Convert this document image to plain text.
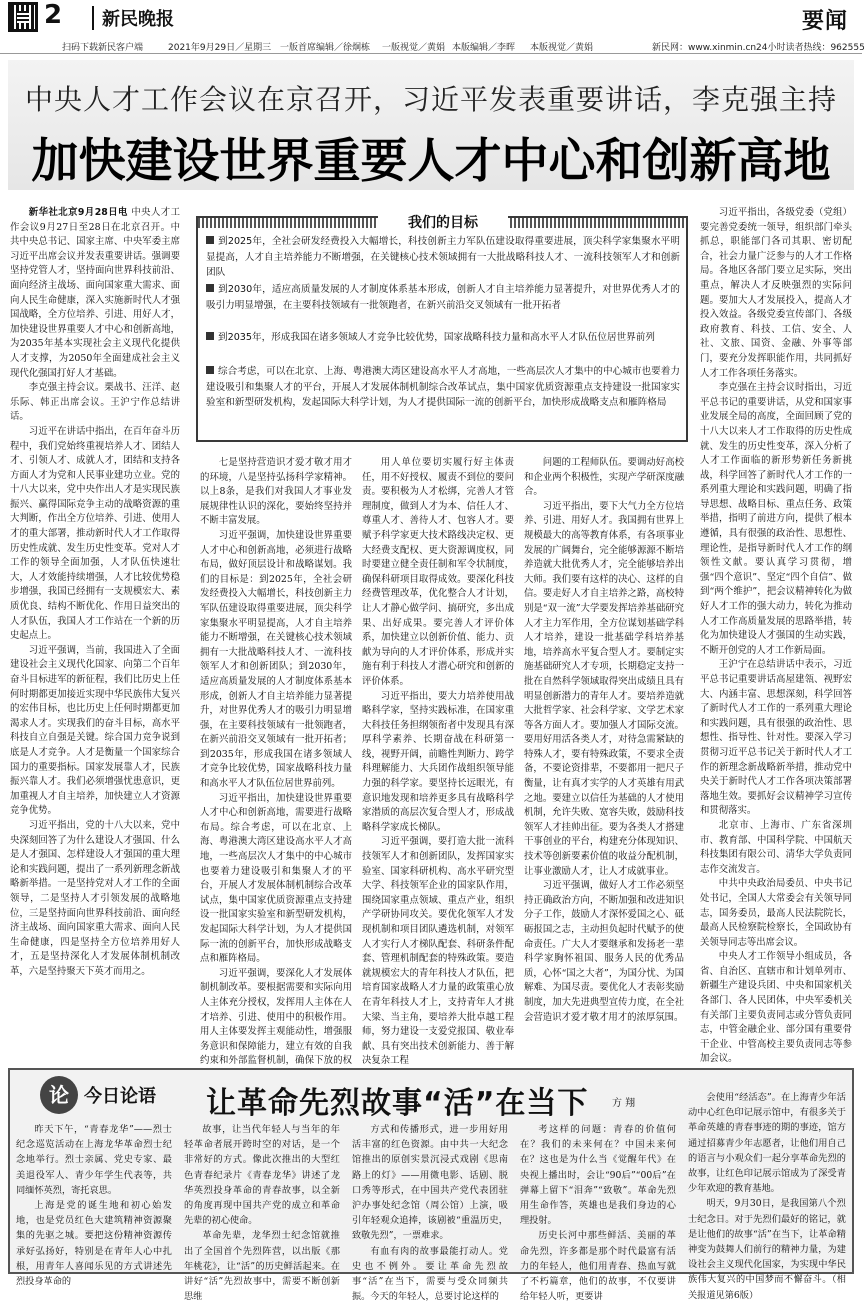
2 新民晚报	要闻
扫码下载新民客户端	2021年9月29日／星期三 一版首席编辑／徐炯栋 一版视觉／黄娟 本版编辑／李晖 本版视觉／黄娟	新民网：www.xinmin.cn 24小时读者热线：962555
中央人才工作会议在京召开，习近平发表重要讲话，李克强主持
加快建设世界重要人才中心和创新高地

新华社北京9月28日电 中央人才工作会议9月27日至28日在北京召开。中共中央总书记、国家主席、中央军委主席习近平出席会议并发表重要讲话。强调要坚持党管人才，坚持面向世界科技前沿、面向经济主战场、面向国家重大需求、面向人民生命健康，深入实施新时代人才强国战略，全方位培养、引进、用好人才，加快建设世界重要人才中心和创新高地，为2035年基本实现社会主义现代化提供人才支撑，为2050年全面建成社会主义现代化强国打好人才基础。

李克强主持会议。栗战书、汪洋、赵乐际、韩正出席会议。王沪宁作总结讲话。

习近平在讲话中指出，在百年奋斗历程中，我们党始终重视培养人才、团结人才、引领人才、成就人才，团结和支持各方面人才为党和人民事业建功立业。党的十八大以来，党中央作出人才是实现民族振兴、赢得国际竞争主动的战略资源的重大判断，作出全方位培养、引进、使用人才的重大部署，推动新时代人才工作取得历史性成就、发生历史性变革。党对人才工作的领导全面加强，人才队伍快速壮大，人才效能持续增强，人才比较优势稳步增强，我国已经拥有一支规模宏大、素质优良、结构不断优化、作用日益突出的人才队伍，我国人才工作站在一个新的历史起点上。

习近平强调，当前，我国进入了全面建设社会主义现代化国家、向第二个百年奋斗目标进军的新征程，我们比历史上任何时期都更加接近实现中华民族伟大复兴的宏伟目标，也比历史上任何时期都更加渴求人才。实现我们的奋斗目标，高水平科技自立自强是关键。综合国力竞争说到底是人才竞争。人才是衡量一个国家综合国力的重要指标。国家发展靠人才，民族振兴靠人才。我们必须增强忧患意识，更加重视人才自主培养，加快建立人才资源竞争优势。

习近平指出，党的十八大以来，党中央深刻回答了为什么建设人才强国、什么是人才强国、怎样建设人才强国的重大理论和实践问题，提出了一系列新理念新战略新举措。一是坚持党对人才工作的全面领导，二是坚持人才引领发展的战略地位，三是坚持面向世界科技前沿、面向经济主战场、面向国家重大需求、面向人民生命健康，四是坚持全方位培养用好人才，五是坚持深化人才发展体制机制改革，六是坚持聚天下英才而用之。

我们的目标
到2025年，全社会研发经费投入大幅增长，科技创新主力军队伍建设取得重要进展，顶尖科学家集聚水平明显提高，人才自主培养能力不断增强，在关键核心技术领域拥有一大批战略科技人才、一流科技领军人才和创新团队
到2030年，适应高质量发展的人才制度体系基本形成，创新人才自主培养能力显著提升，对世界优秀人才的吸引力明显增强，在主要科技领域有一批领跑者，在新兴前沿交叉领域有一批开拓者
到2035年，形成我国在诸多领域人才竞争比较优势，国家战略科技力量和高水平人才队伍位居世界前列
综合考虑，可以在北京、上海、粤港澳大湾区建设高水平人才高地，一些高层次人才集中的中心城市也要着力建设吸引和集聚人才的平台，开展人才发展体制机制综合改革试点，集中国家优质资源重点支持建设一批国家实验室和新型研发机构，发起国际大科学计划，为人才提供国际一流的创新平台，加快形成战略支点和雁阵格局

七是坚持营造识才爱才敬才用才的环境，八是坚持弘扬科学家精神。以上8条，是我们对我国人才事业发展规律性认识的深化，要始终坚持并不断丰富发展。

习近平强调，加快建设世界重要人才中心和创新高地，必须进行战略布局，做好顶层设计和战略谋划。我们的目标是：到2025年，全社会研发经费投入大幅增长，科技创新主力军队伍建设取得重要进展，顶尖科学家集聚水平明显提高，人才自主培养能力不断增强，在关键核心技术领域拥有一大批战略科技人才、一流科技领军人才和创新团队；到2030年，适应高质量发展的人才制度体系基本形成，创新人才自主培养能力显著提升，对世界优秀人才的吸引力明显增强，在主要科技领域有一批领跑者，在新兴前沿交叉领域有一批开拓者；到2035年，形成我国在诸多领域人才竞争比较优势，国家战略科技力量和高水平人才队伍位居世界前列。

习近平指出，加快建设世界重要人才中心和创新高地，需要进行战略布局。综合考虑，可以在北京、上海、粤港澳大湾区建设高水平人才高地，一些高层次人才集中的中心城市也要着力建设吸引和集聚人才的平台，开展人才发展体制机制综合改革试点，集中国家优质资源重点支持建设一批国家实验室和新型研发机构，发起国际大科学计划，为人才提供国际一流的创新平台，加快形成战略支点和雁阵格局。

习近平强调，要深化人才发展体制机制改革。要根据需要和实际向用人主体充分授权，发挥用人主体在人才培养、引进、使用中的积极作用。用人主体要发挥主观能动性，增强服务意识和保障能力，建立有效的自我约束和外部监督机制，确保下放的权

用人单位要切实履行好主体责任，用不好授权、履责不到位的要问责。要积极为人才松绑，完善人才管理制度，做到人才为本、信任人才、尊重人才、善待人才、包容人才。要赋予科学家更大技术路线决定权、更大经费支配权、更大资源调度权，同时要建立健全责任制和军令状制度，确保科研项目取得成效。要深化科技经费管理改革，优化整合人才计划，让人才静心做学问、搞研究，多出成果、出好成果。要完善人才评价体系，加快建立以创新价值、能力、贡献为导向的人才评价体系，形成并实施有利于科技人才潜心研究和创新的评价体系。

习近平指出，要大力培养使用战略科学家，坚持实践标准，在国家重大科技任务担纲领衔者中发现具有深厚科学素养、长期奋战在科研第一线，视野开阔，前瞻性判断力、跨学科理解能力、大兵团作战组织领导能力强的科学家。要坚持长远眼光，有意识地发现和培养更多具有战略科学家潜质的高层次复合型人才，形成战略科学家成长梯队。

习近平强调，要打造大批一流科技领军人才和创新团队，发挥国家实验室、国家科研机构、高水平研究型大学、科技领军企业的国家队作用，围绕国家重点领域、重点产业，组织产学研协同攻关。要优化领军人才发现机制和项目团队遴选机制，对领军人才实行人才梯队配套、科研条件配套、管理机制配套的特殊政策。要造就规模宏大的青年科技人才队伍，把培育国家战略人才力量的政策重心放在青年科技人才上，支持青年人才挑大梁、当主角，要培养大批卓越工程师，努力建设一支爱党报国、敬业奉献、具有突出技术创新能力、善于解决复杂工程

问题的工程师队伍。要调动好高校和企业两个积极性，实现产学研深度融合。

习近平指出，要下大气力全方位培养、引进、用好人才。我国拥有世界上规模最大的高等教育体系，有各项事业发展的广阔舞台，完全能够源源不断培养造就大批优秀人才，完全能够培养出大师。我们要有这样的决心、这样的自信。要走好人才自主培养之路，高校特别是“双一流”大学要发挥培养基础研究人才主力军作用，全方位谋划基础学科人才培养，建设一批基础学科培养基地，培养高水平复合型人才。要制定实施基础研究人才专项，长期稳定支持一批在自然科学领域取得突出成绩且具有明显创新潜力的青年人才。要培养造就大批哲学家、社会科学家、文学艺术家等各方面人才。要加强人才国际交流。要用好用活各类人才，对待急需紧缺的特殊人才，要有特殊政策，不要求全责备，不要论资排辈，不要都用一把尺子衡量，让有真才实学的人才英雄有用武之地。要建立以信任为基础的人才使用机制，允许失败、宽容失败，鼓励科技领军人才挂帅出征。要为各类人才搭建干事创业的平台，构建充分体现知识、技术等创新要素价值的收益分配机制，让事业激励人才，让人才成就事业。

习近平强调，做好人才工作必须坚持正确政治方向，不断加强和改进知识分子工作，鼓励人才深怀爱国之心、砥砺报国之志，主动担负起时代赋予的使命责任。广大人才要继承和发扬老一辈科学家胸怀祖国、服务人民的优秀品质，心怀“国之大者”，为国分忧、为国解难、为国尽责。要优化人才表彰奖励制度，加大先进典型宣传力度，在全社会营造识才爱才敬才用才的浓厚氛围。

习近平指出，各级党委（党组）要完善党委统一领导，组织部门牵头抓总，职能部门各司其职、密切配合，社会力量广泛参与的人才工作格局。各地区各部门要立足实际，突出重点，解决人才反映强烈的实际问题。要加大人才发展投入，提高人才投入效益。各级党委宣传部门、各级政府教育、科技、工信、安全、人社、文旅、国资、金融、外事等部门，要充分发挥职能作用，共同抓好人才工作各项任务落实。

李克强在主持会议时指出，习近平总书记的重要讲话，从党和国家事业发展全局的高度，全面回顾了党的十八大以来人才工作取得的历史性成就、发生的历史性变革，深入分析了人才工作面临的新形势新任务新挑战，科学回答了新时代人才工作的一系列重大理论和实践问题，明确了指导思想、战略目标、重点任务、政策举措，指明了前进方向，提供了根本遵循，具有很强的政治性、思想性、理论性，是指导新时代人才工作的纲领性文献。要认真学习贯彻，增强“四个意识”、坚定“四个自信”、做到“两个维护”，把会议精神转化为做好人才工作的强大动力，转化为推动人才工作高质量发展的思路举措，转化为加快建设人才强国的生动实践，不断开创党的人才工作新局面。

王沪宁在总结讲话中表示，习近平总书记重要讲话高屋建瓴、视野宏大、内涵丰富、思想深刻，科学回答了新时代人才工作的一系列重大理论和实践问题，具有很强的政治性、思想性、指导性、针对性。要深入学习贯彻习近平总书记关于新时代人才工作的新理念新战略新举措，推动党中央关于新时代人才工作各项决策部署落地生效。要抓好会议精神学习宣传和贯彻落实。

北京市、上海市、广东省深圳市、教育部、中国科学院、中国航天科技集团有限公司、清华大学负责同志作交流发言。

中共中央政治局委员、中央书记处书记，全国人大常委会有关领导同志，国务委员，最高人民法院院长，最高人民检察院检察长，全国政协有关领导同志等出席会议。

中央人才工作领导小组成员，各省、自治区、直辖市和计划单列市、新疆生产建设兵团、中央和国家机关各部门、各人民团体，中央军委机关有关部门主要负责同志或分管负责同志，中管金融企业、部分国有重要骨干企业、中管高校主要负责同志等参加会议。

论 今日论语 让革命先烈故事“活”在当下	方 翔

昨天下午，“青春龙华”——烈士纪念巡览活动在上海龙华革命烈士纪念地举行。烈士亲属、党史专家、最美退役军人、青少年学生代表等，共同缅怀英烈，寄托哀思。

上海是党的诞生地和初心始发地，也是党员红色大建筑精神资源聚集的先驱之城。要把这份精神资源传承好弘扬好，特别是在青年人心中扎根，用青年人喜闻乐见的方式讲述先烈投身革命的

故事，让当代年轻人与当年的年轻革命者展开跨时空的对话，是一个非常好的方式。像此次推出的大型红色青春纪录片《青春龙华》讲述了龙华英烈投身革命的青春故事，以全新的角度再现中国共产党的成立和革命先辈的初心使命。

革命先辈，龙华烈士纪念馆就推出了全国首个先烈阵营，以出版《那年桃花》，让“活”的历史鲜活起来。在讲好“活”先烈故事中，需要不断创新思维

方式和传播形式，进一步用好用活丰富的红色资源。由中共一大纪念馆推出的原创实景沉浸式戏剧《思南路上的灯》——用微电影、话剧、脱口秀等形式，在中国共产党代表团驻沪办事处纪念馆（周公馆）上演，吸引年轻观众追捧，该剧被“重温历史，致敬先烈”，一票难求。

有血有肉的故事最能打动人。党史也不例外。要让革命先烈故事“活”在当下，需要与受众同频共振。今天的年轻人，总要讨论这样的

考这样的问题：青春的价值何在？我们的未来何在？中国未来何在？这也是为什么当《觉醒年代》在央视上播出时，会让“90后”“00后”在弹幕上留下“泪奔”“致敬”。革命先烈用生命作答，英雄也是我们身边的心理投射。

历史长河中那些鲜活、美丽的革命先烈，许多都是那个时代最富有活力的年轻人，他们用青春、热血写就了不朽篇章，他们的故事，不仅要讲给年轻人听，更要讲

会使用“经活态”。在上海青少年活动中心红色印记展示馆中，有很多关于革命英雄的青春事迹的期的事迹，馆方通过招募青少年志愿者，让他们用自己的语言与小观众们一起分享革命先烈的故事，让红色印记展示馆成为了深受青少年欢迎的教育基地。

明天，9月30日，是我国第八个烈士纪念日。对于先烈们最好的铭记，就是让他们的故事“活”在当下，让革命精神变为鼓舞人们前行的精神力量，为建设社会主义现代化国家，为实现中华民族伟大复兴的中国梦而不懈奋斗。（相关报道见第6版）
